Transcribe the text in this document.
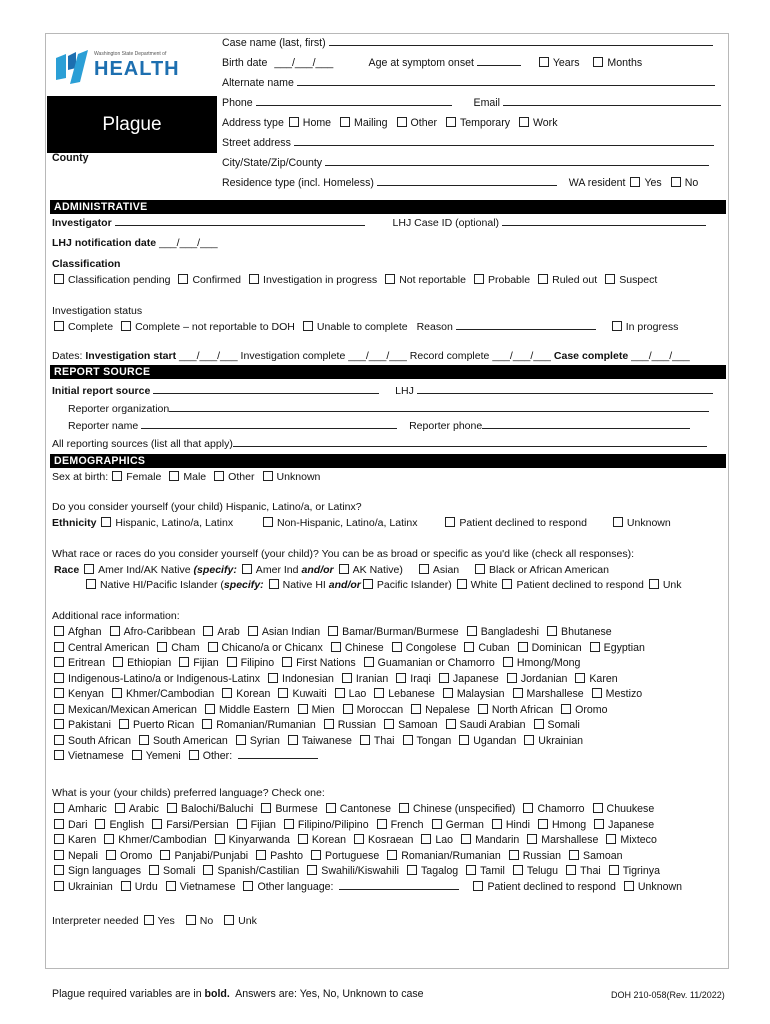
Washington State Department of
HEALTH
Plague
County
Case name (last, first)
Birth date ___/___/___	Age at symptom onset	Years	Months
Alternate name
Phone	Email
Address type Home Mailing Other Temporary Work
Street address
City/State/Zip/County
Residence type (incl. Homeless)	WA resident Yes No
ADMINISTRATIVE
Investigator	LHJ Case ID (optional)
LHJ notification date ___/___/___
Classification
Classification pending Confirmed Investigation in progress Not reportable Probable Ruled out Suspect
Investigation status
Complete Complete – not reportable to DOH Unable to complete Reason	In progress
Dates: Investigation start ___/___/___ Investigation complete ___/___/___ Record complete ___/___/___ Case complete ___/___/___
REPORT SOURCE
Initial report source	LHJ
Reporter organization
Reporter name	Reporter phone
All reporting sources (list all that apply)
DEMOGRAPHICS
Sex at birth: Female Male Other Unknown
Do you consider yourself (your child) Hispanic, Latino/a, or Latinx?
Ethnicity Hispanic, Latino/a, Latinx	Non-Hispanic, Latino/a, Latinx	Patient declined to respond	Unknown
What race or races do you consider yourself (your child)? You can be as broad or specific as you'd like (check all responses):
Race Amer Ind/AK Native (specify: Amer Ind and/or AK Native)	Asian	Black or African American
Native HI/Pacific Islander (specify: Native HI and/or Pacific Islander) White Patient declined to respond Unk
Additional race information:
Afghan Afro-Caribbean Arab Asian Indian Bamar/Burman/Burmese Bangladeshi Bhutanese
Central American Cham Chicano/a or Chicanx Chinese Congolese Cuban Dominican Egyptian
Eritrean Ethiopian Fijian Filipino First Nations Guamanian or Chamorro Hmong/Mong
Indigenous-Latino/a or Indigenous-Latinx Indonesian Iranian Iraqi Japanese Jordanian Karen
Kenyan Khmer/Cambodian Korean Kuwaiti Lao Lebanese Malaysian Marshallese Mestizo
Mexican/Mexican American Middle Eastern Mien Moroccan Nepalese North African Oromo
Pakistani Puerto Rican Romanian/Rumanian Russian Samoan Saudi Arabian Somali
South African South American Syrian Taiwanese Thai Tongan Ugandan Ukrainian
Vietnamese Yemeni Other:
What is your (your childs) preferred language? Check one:
Amharic Arabic Balochi/Baluchi Burmese Cantonese Chinese (unspecified) Chamorro Chuukese
Dari English Farsi/Persian Fijian Filipino/Pilipino French German Hindi Hmong Japanese
Karen Khmer/Cambodian Kinyarwanda Korean Kosraean Lao Mandarin Marshallese Mixteco
Nepali Oromo Panjabi/Punjabi Pashto Portuguese Romanian/Rumanian Russian Samoan
Sign languages Somali Spanish/Castilian Swahili/Kiswahili Tagalog Tamil Telugu Thai Tigrinya
Ukrainian Urdu Vietnamese Other language:	Patient declined to respond Unknown
Interpreter needed Yes No Unk
Plague required variables are in bold.  Answers are: Yes, No, Unknown to case	DOH 210-058(Rev. 11/2022)
